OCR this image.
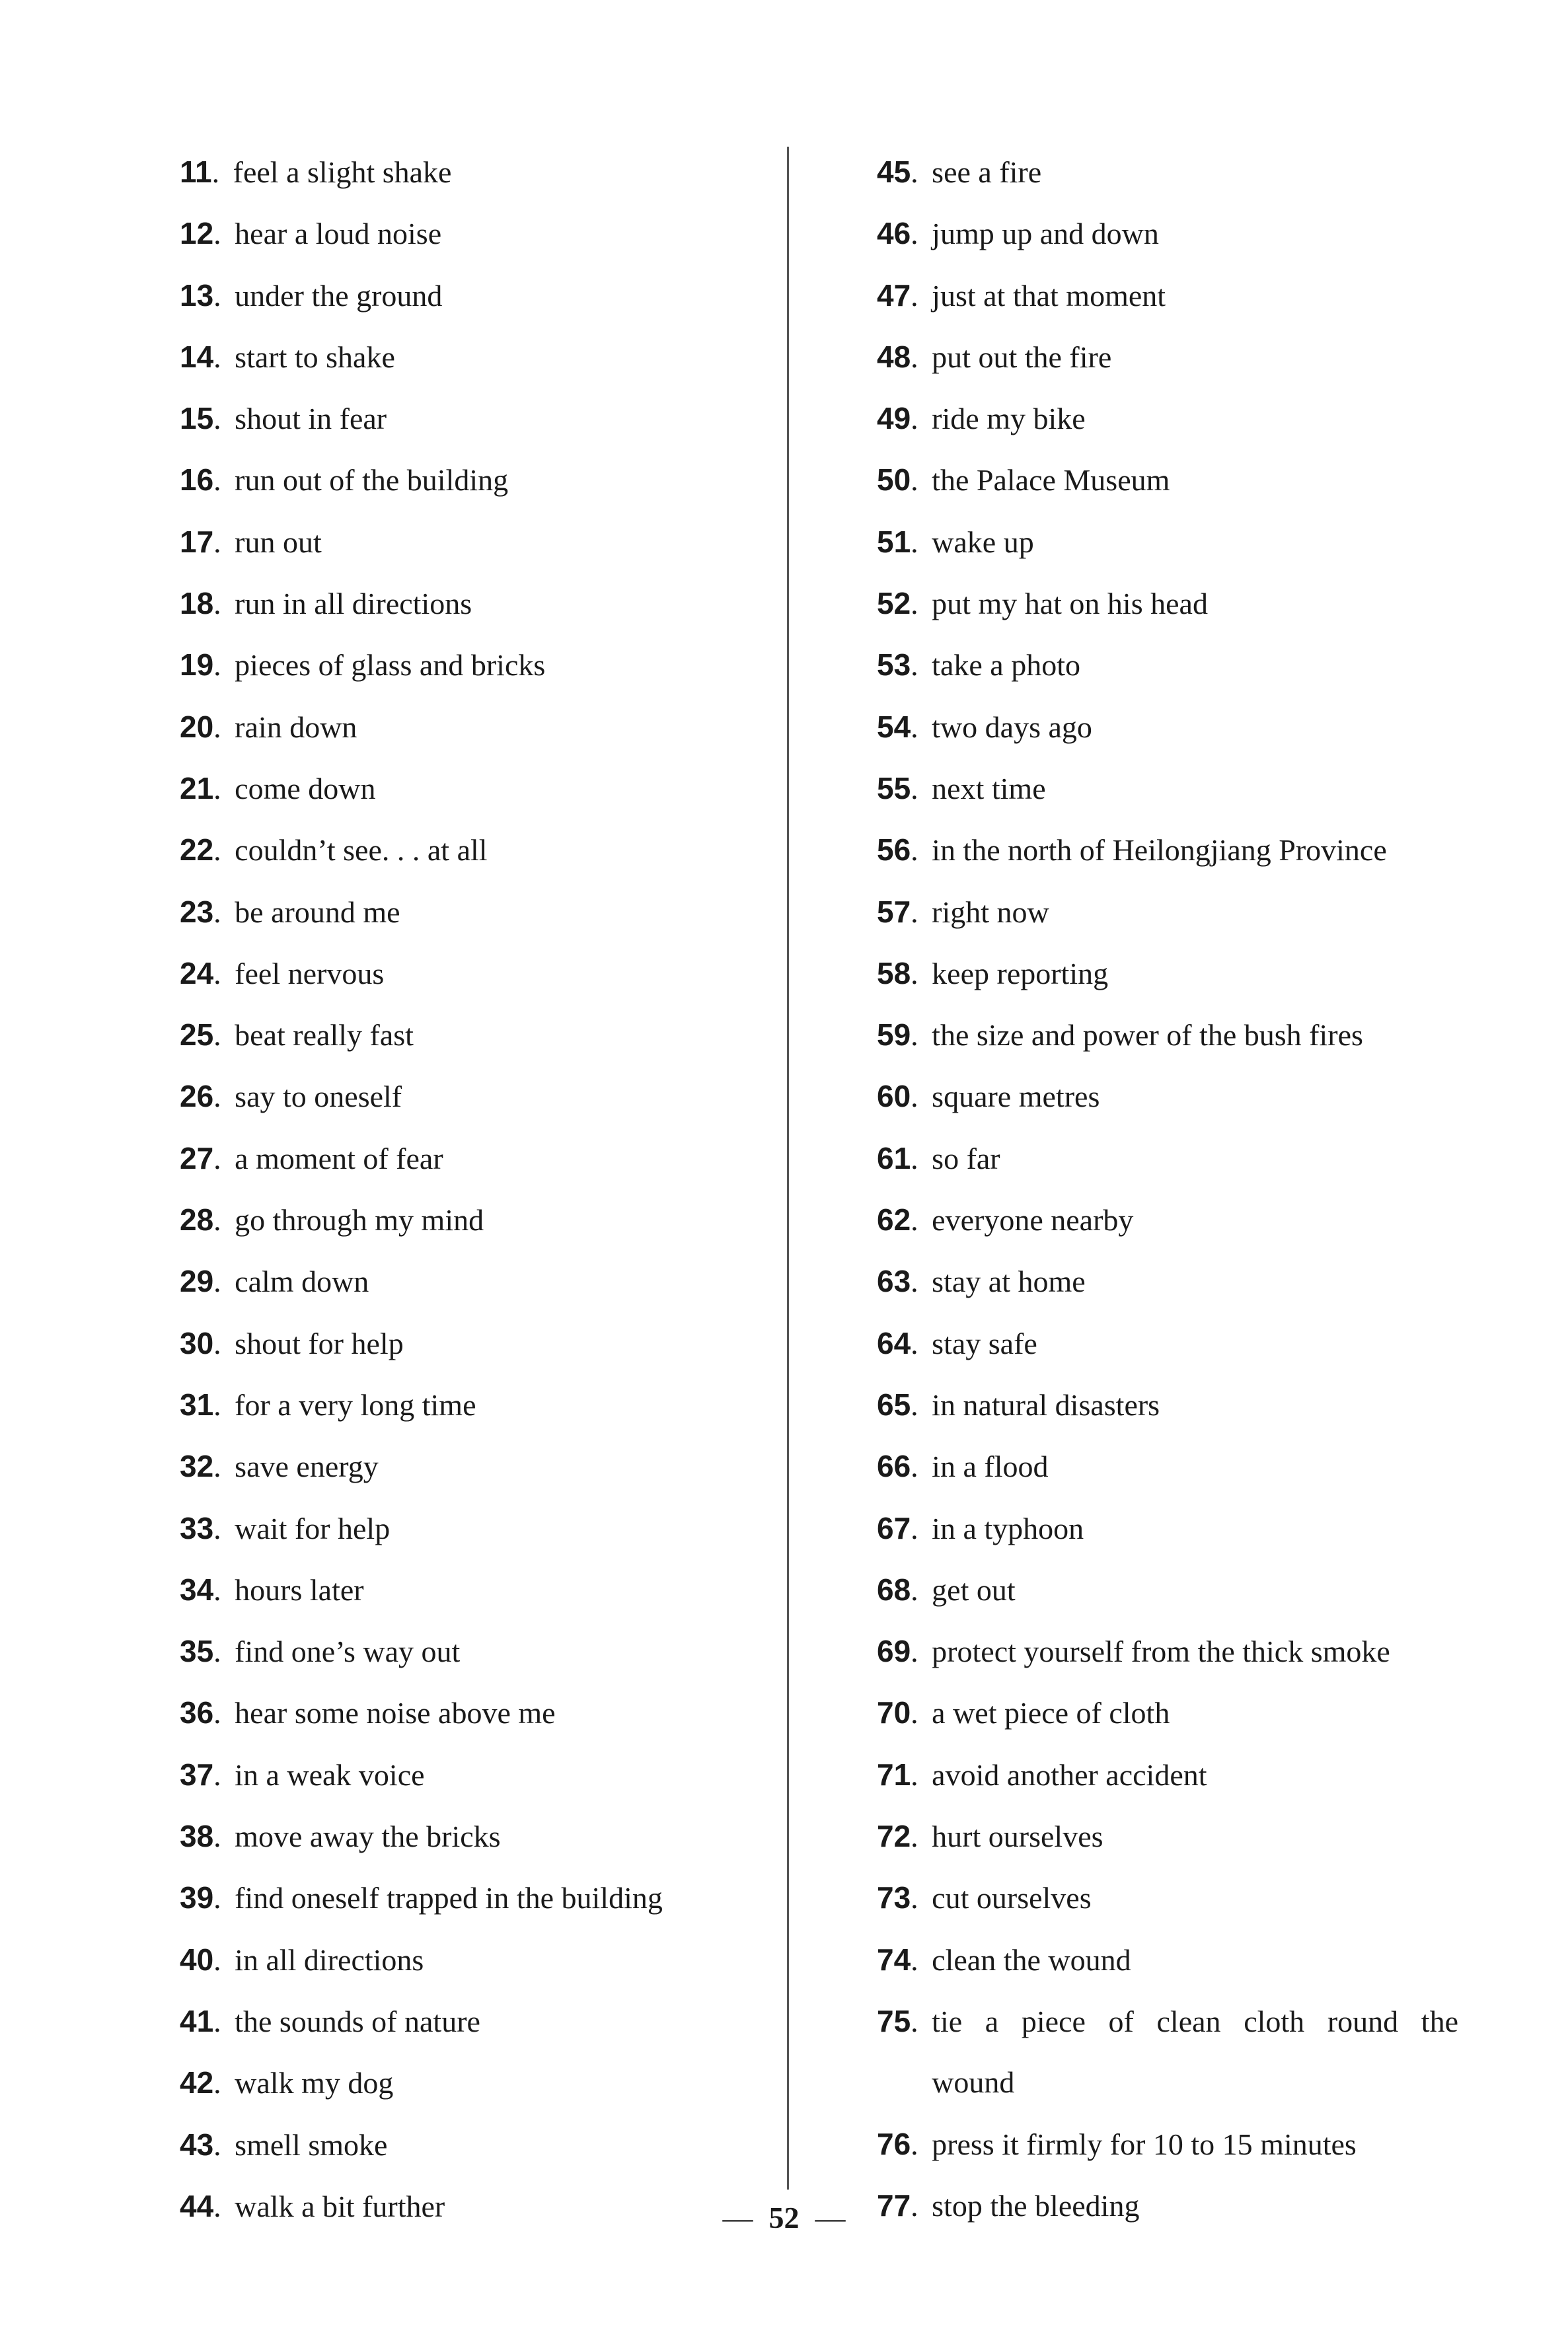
11 . feel a slight shake
12 . hear a loud noise
13 . under the ground
14 . start to shake
15 . shout in fear
16 . run out of the building
17 . run out
18 . run in all directions
19 . pieces of glass and bricks
20 . rain down
21 . come down
22 . couldn’t see. . . at all
23 . be around me
24 . feel nervous
25 . beat really fast
26 . say to oneself
27 . a moment of fear
28 . go through my mind
29 . calm down
30 . shout for help
31 . for a very long time
32 . save energy
33 . wait for help
34 . hours later
35 . find one’s way out
36 . hear some noise above me
37 . in a weak voice
38 . move away the bricks
39 . find oneself trapped in the building
40 . in all directions
41 . the sounds of nature
42 . walk my dog
43 . smell smoke
44 . walk a bit further
45 . see a fire
46 . jump up and down
47 . just at that moment
48 . put out the fire
49 . ride my bike
50 . the Palace Museum
51 . wake up
52 . put my hat on his head
53 . take a photo
54 . two days ago
55 . next time
56 . in the north of Heilongjiang Province
57 . right now
58 . keep reporting
59 . the size and power of the bush fires
60 . square metres
61 . so far
62 . everyone nearby
63 . stay at home
64 . stay safe
65 . in natural disasters
66 . in a flood
67 . in a typhoon
68 . get out
69 . protect yourself from the thick smoke
70 . a wet piece of cloth
71 . avoid another accident
72 . hurt ourselves
73 . cut ourselves
74 . clean the wound
75 . tie a piece of clean cloth round the wound
76 . press it firmly for 10 to 15 minutes
77 . stop the bleeding
— 52 —
